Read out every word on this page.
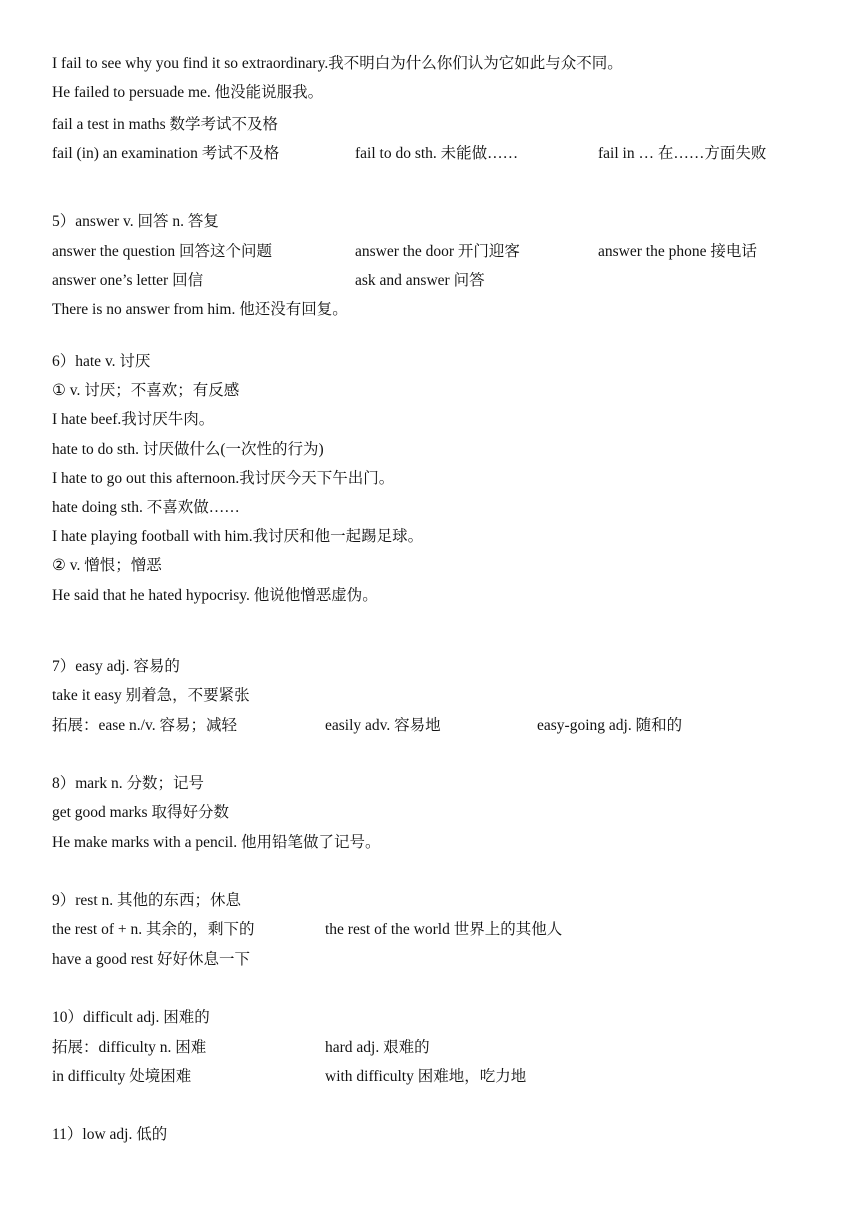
I fail to see why you find it so extraordinary.我不明白为什么你们认为它如此与众不同。
He failed to persuade me. 他没能说服我。
fail a test in maths 数学考试不及格
fail (in) an examination 考试不及格	fail to do sth. 未能做……	fail in … 在……方面失败
5）answer v. 回答 n. 答复
answer the question 回答这个问题	answer the door 开门迎客	answer the phone 接电话
answer one’s letter 回信	ask and answer 问答
There is no answer from him. 他还没有回复。
6）hate v. 讨厌
① v. 讨厌；不喜欢；有反感
I hate beef.我讨厌牛肉。
hate to do sth. 讨厌做什么(一次性的行为)
I hate to go out this afternoon.我讨厌今天下午出门。
hate doing sth. 不喜欢做……
I hate playing football with him.我讨厌和他一起踢足球。
② v. 憎恨；憎恶
He said that he hated hypocrisy. 他说他憎恶虚伪。
7）easy adj. 容易的
take it easy 别着急，不要紧张
拓展：ease n./v. 容易；减轻	easily adv. 容易地	easy-going adj. 随和的
8）mark n. 分数；记号
get good marks 取得好分数
He make marks with a pencil. 他用铅笔做了记号。
9）rest n. 其他的东西；休息
the rest of + n. 其余的，剩下的	the rest of the world 世界上的其他人
have a good rest 好好休息一下
10）difficult adj. 困难的
拓展：difficulty n. 困难	hard adj. 艰难的
in difficulty 处境困难	with difficulty 困难地，吃力地
11）low adj. 低的
